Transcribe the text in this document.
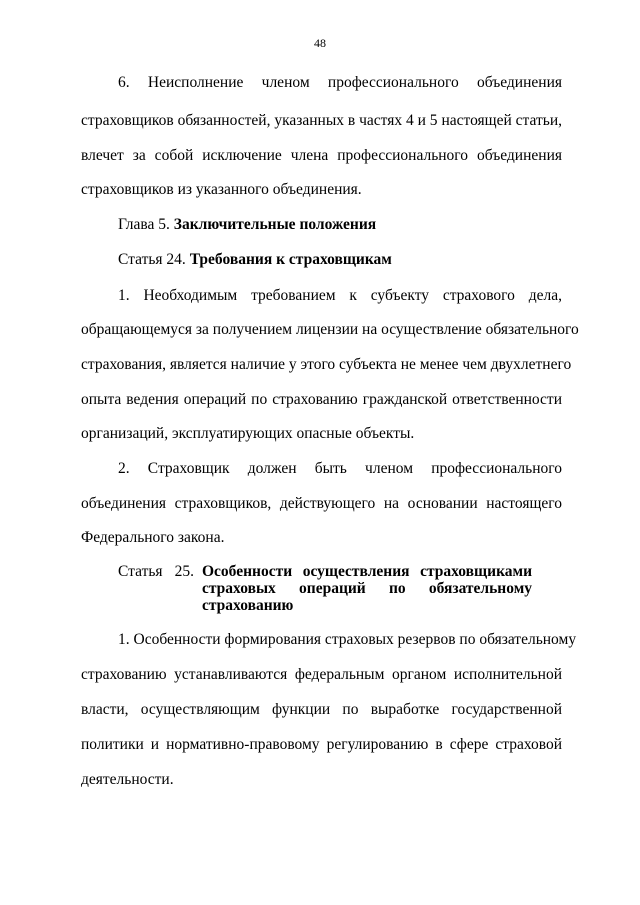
48
6. Неисполнение членом профессионального объединения
страховщиков обязанностей, указанных в частях 4 и 5 настоящей статьи,
влечет за собой исключение члена профессионального объединения
страховщиков из указанного объединения.
Глава 5. Заключительные положения
Статья 24. Требования к страховщикам
1. Необходимым требованием к субъекту страхового дела,
обращающемуся за получением лицензии на осуществление обязательного
страхования, является наличие у этого субъекта не менее чем двухлетнего
опыта ведения операций по страхованию гражданской ответственности
организаций, эксплуатирующих опасные объекты.
2. Страховщик должен быть членом профессионального
объединения страховщиков, действующего на основании настоящего
Федерального закона.
Статья 25. Особенности осуществления страховщиками
страховых операций по обязательному
страхованию
1. Особенности формирования страховых резервов по обязательному
страхованию устанавливаются федеральным органом исполнительной
власти, осуществляющим функции по выработке государственной
политики и нормативно-правовому регулированию в сфере страховой
деятельности.
